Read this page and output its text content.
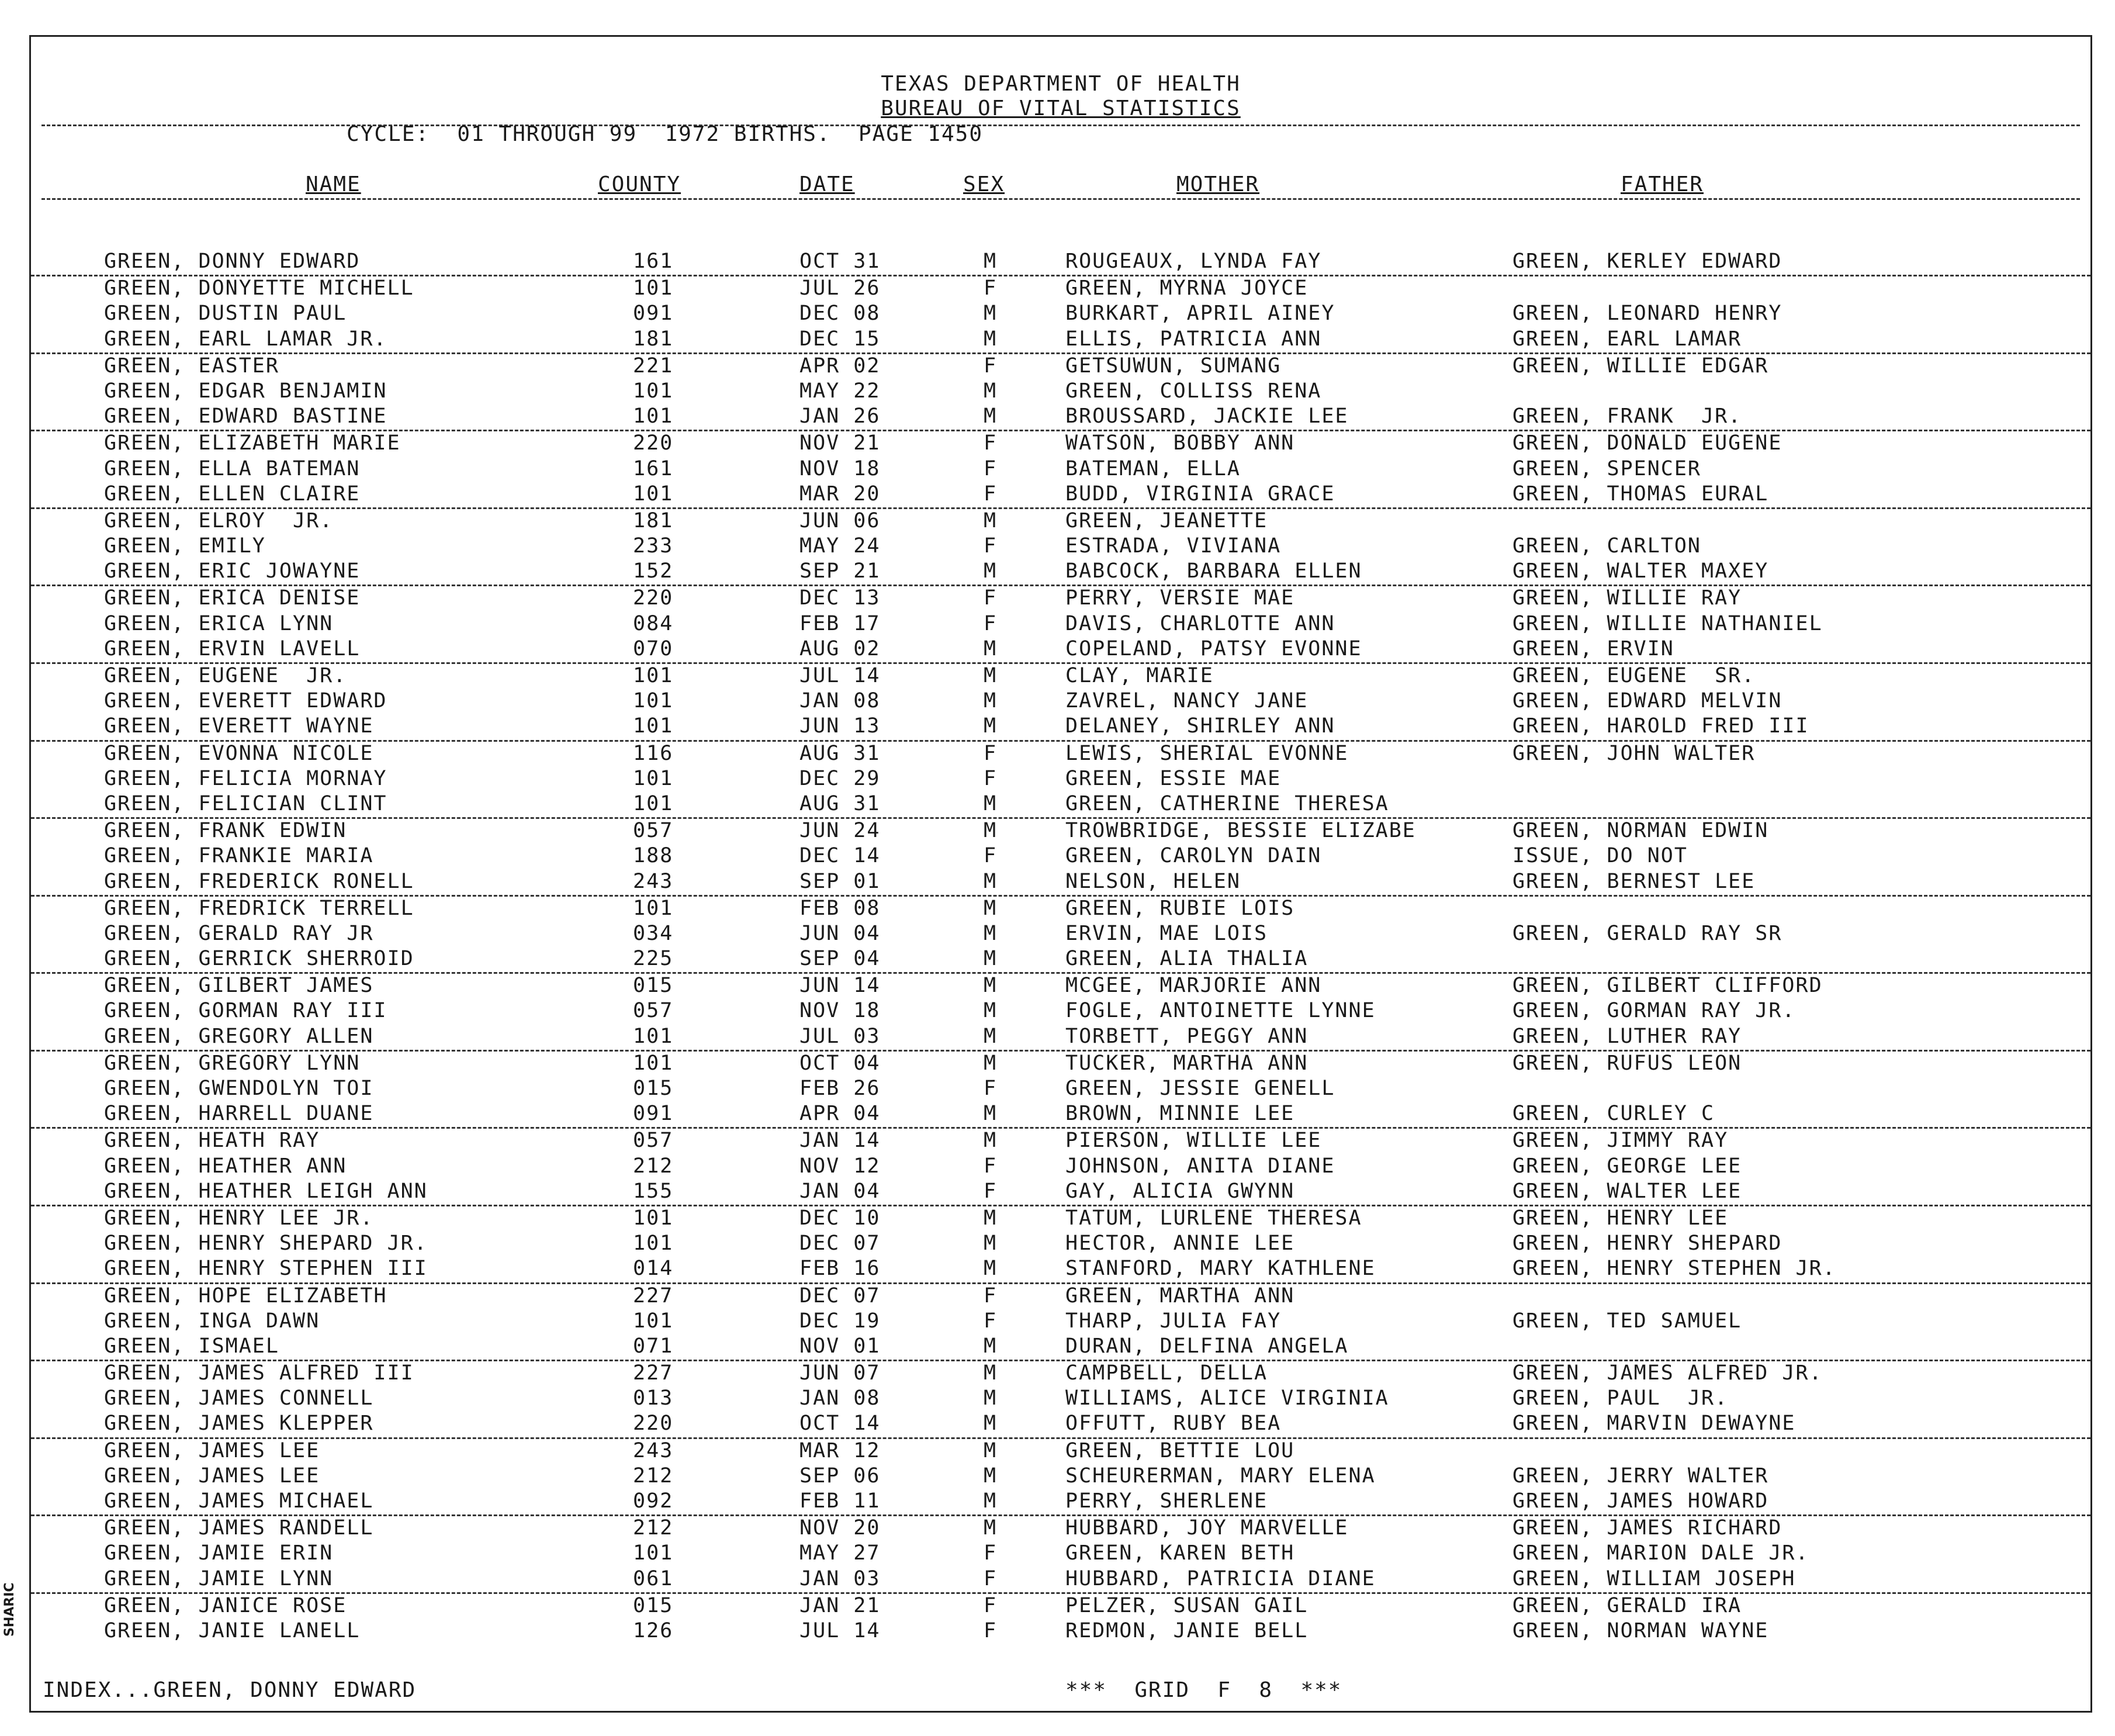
SHARIC
TEXAS DEPARTMENT OF HEALTH
BUREAU OF VITAL STATISTICS
CYCLE:  01 THROUGH 99  1972 BIRTHS.  PAGE 1450
NAME	COUNTY	DATE	SEX	MOTHER	FATHER
GREEN, DONNY EDWARD	161	OCT 31	M	ROUGEAUX, LYNDA FAY	GREEN, KERLEY EDWARD
GREEN, DONYETTE MICHELL	101	JUL 26	F	GREEN, MYRNA JOYCE
GREEN, DUSTIN PAUL	091	DEC 08	M	BURKART, APRIL AINEY	GREEN, LEONARD HENRY
GREEN, EARL LAMAR JR.	181	DEC 15	M	ELLIS, PATRICIA ANN	GREEN, EARL LAMAR
GREEN, EASTER	221	APR 02	F	GETSUWUN, SUMANG	GREEN, WILLIE EDGAR
GREEN, EDGAR BENJAMIN	101	MAY 22	M	GREEN, COLLISS RENA
GREEN, EDWARD BASTINE	101	JAN 26	M	BROUSSARD, JACKIE LEE	GREEN, FRANK  JR.
GREEN, ELIZABETH MARIE	220	NOV 21	F	WATSON, BOBBY ANN	GREEN, DONALD EUGENE
GREEN, ELLA BATEMAN	161	NOV 18	F	BATEMAN, ELLA	GREEN, SPENCER
GREEN, ELLEN CLAIRE	101	MAR 20	F	BUDD, VIRGINIA GRACE	GREEN, THOMAS EURAL
GREEN, ELROY  JR.	181	JUN 06	M	GREEN, JEANETTE
GREEN, EMILY	233	MAY 24	F	ESTRADA, VIVIANA	GREEN, CARLTON
GREEN, ERIC JOWAYNE	152	SEP 21	M	BABCOCK, BARBARA ELLEN	GREEN, WALTER MAXEY
GREEN, ERICA DENISE	220	DEC 13	F	PERRY, VERSIE MAE	GREEN, WILLIE RAY
GREEN, ERICA LYNN	084	FEB 17	F	DAVIS, CHARLOTTE ANN	GREEN, WILLIE NATHANIEL
GREEN, ERVIN LAVELL	070	AUG 02	M	COPELAND, PATSY EVONNE	GREEN, ERVIN
GREEN, EUGENE  JR.	101	JUL 14	M	CLAY, MARIE	GREEN, EUGENE  SR.
GREEN, EVERETT EDWARD	101	JAN 08	M	ZAVREL, NANCY JANE	GREEN, EDWARD MELVIN
GREEN, EVERETT WAYNE	101	JUN 13	M	DELANEY, SHIRLEY ANN	GREEN, HAROLD FRED III
GREEN, EVONNA NICOLE	116	AUG 31	F	LEWIS, SHERIAL EVONNE	GREEN, JOHN WALTER
GREEN, FELICIA MORNAY	101	DEC 29	F	GREEN, ESSIE MAE
GREEN, FELICIAN CLINT	101	AUG 31	M	GREEN, CATHERINE THERESA
GREEN, FRANK EDWIN	057	JUN 24	M	TROWBRIDGE, BESSIE ELIZABE	GREEN, NORMAN EDWIN
GREEN, FRANKIE MARIA	188	DEC 14	F	GREEN, CAROLYN DAIN	ISSUE, DO NOT
GREEN, FREDERICK RONELL	243	SEP 01	M	NELSON, HELEN	GREEN, BERNEST LEE
GREEN, FREDRICK TERRELL	101	FEB 08	M	GREEN, RUBIE LOIS
GREEN, GERALD RAY JR	034	JUN 04	M	ERVIN, MAE LOIS	GREEN, GERALD RAY SR
GREEN, GERRICK SHERROID	225	SEP 04	M	GREEN, ALIA THALIA
GREEN, GILBERT JAMES	015	JUN 14	M	MCGEE, MARJORIE ANN	GREEN, GILBERT CLIFFORD
GREEN, GORMAN RAY III	057	NOV 18	M	FOGLE, ANTOINETTE LYNNE	GREEN, GORMAN RAY JR.
GREEN, GREGORY ALLEN	101	JUL 03	M	TORBETT, PEGGY ANN	GREEN, LUTHER RAY
GREEN, GREGORY LYNN	101	OCT 04	M	TUCKER, MARTHA ANN	GREEN, RUFUS LEON
GREEN, GWENDOLYN TOI	015	FEB 26	F	GREEN, JESSIE GENELL
GREEN, HARRELL DUANE	091	APR 04	M	BROWN, MINNIE LEE	GREEN, CURLEY C
GREEN, HEATH RAY	057	JAN 14	M	PIERSON, WILLIE LEE	GREEN, JIMMY RAY
GREEN, HEATHER ANN	212	NOV 12	F	JOHNSON, ANITA DIANE	GREEN, GEORGE LEE
GREEN, HEATHER LEIGH ANN	155	JAN 04	F	GAY, ALICIA GWYNN	GREEN, WALTER LEE
GREEN, HENRY LEE JR.	101	DEC 10	M	TATUM, LURLENE THERESA	GREEN, HENRY LEE
GREEN, HENRY SHEPARD JR.	101	DEC 07	M	HECTOR, ANNIE LEE	GREEN, HENRY SHEPARD
GREEN, HENRY STEPHEN III	014	FEB 16	M	STANFORD, MARY KATHLENE	GREEN, HENRY STEPHEN JR.
GREEN, HOPE ELIZABETH	227	DEC 07	F	GREEN, MARTHA ANN
GREEN, INGA DAWN	101	DEC 19	F	THARP, JULIA FAY	GREEN, TED SAMUEL
GREEN, ISMAEL	071	NOV 01	M	DURAN, DELFINA ANGELA
GREEN, JAMES ALFRED III	227	JUN 07	M	CAMPBELL, DELLA	GREEN, JAMES ALFRED JR.
GREEN, JAMES CONNELL	013	JAN 08	M	WILLIAMS, ALICE VIRGINIA	GREEN, PAUL  JR.
GREEN, JAMES KLEPPER	220	OCT 14	M	OFFUTT, RUBY BEA	GREEN, MARVIN DEWAYNE
GREEN, JAMES LEE	243	MAR 12	M	GREEN, BETTIE LOU
GREEN, JAMES LEE	212	SEP 06	M	SCHEURERMAN, MARY ELENA	GREEN, JERRY WALTER
GREEN, JAMES MICHAEL	092	FEB 11	M	PERRY, SHERLENE	GREEN, JAMES HOWARD
GREEN, JAMES RANDELL	212	NOV 20	M	HUBBARD, JOY MARVELLE	GREEN, JAMES RICHARD
GREEN, JAMIE ERIN	101	MAY 27	F	GREEN, KAREN BETH	GREEN, MARION DALE JR.
GREEN, JAMIE LYNN	061	JAN 03	F	HUBBARD, PATRICIA DIANE	GREEN, WILLIAM JOSEPH
GREEN, JANICE ROSE	015	JAN 21	F	PELZER, SUSAN GAIL	GREEN, GERALD IRA
GREEN, JANIE LANELL	126	JUL 14	F	REDMON, JANIE BELL	GREEN, NORMAN WAYNE
INDEX...GREEN, DONNY EDWARD	***  GRID  F  8  ***
